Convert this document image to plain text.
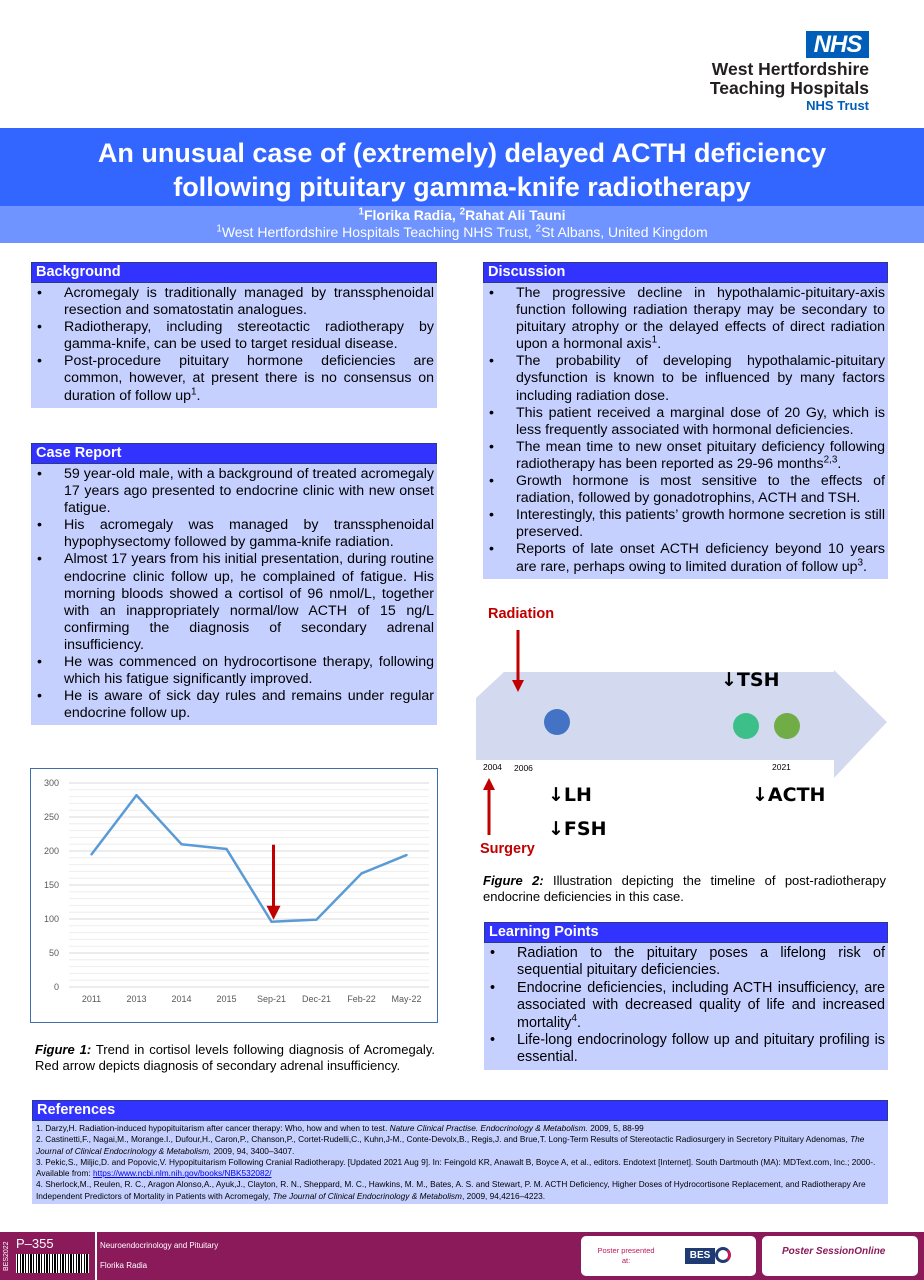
NHS
West Hertfordshire
Teaching Hospitals
NHS Trust
An unusual case of (extremely) delayed ACTH deficiency
following pituitary gamma-knife radiotherapy
$^1$Florika Radia, $^2$Rahat Ali Tauni
$^1$West Hertfordshire Hospitals Teaching NHS Trust, $^2$St Albans, United Kingdom
Background
• Acromegaly is traditionally managed by transsphenoidal resection and somatostatin analogues.
• Radiotherapy, including stereotactic radiotherapy by gamma-knife, can be used to target residual disease.
• Post-procedure pituitary hormone deficiencies are common, however, at present there is no consensus on duration of follow $up^1$.
Case Report
• 59 year-old male, with a background of treated acromegaly 17 years ago presented to endocrine clinic with new onset fatigue.
• His acromegaly was managed by transsphenoidal hypophysectomy followed by gamma-knife radiation.
• Almost 17 years from his initial presentation, during routine endocrine clinic follow up, he complained of fatigue. His morning bloods showed a cortisol of 96 nmol/L, together with an inappropriately normal/low ACTH of 15 ng/L confirming the diagnosis of secondary adrenal insufficiency.
• He was commenced on hydrocortisone therapy, following which his fatigue significantly improved.
• He is aware of sick day rules and remains under regular endocrine follow up.
0
50
100
150
200
250
300
2011	2013	2014	2015 Sep-21 Dec-21 Feb-22 May-22
Figure 1: Trend in cortisol levels following diagnosis of Acromegaly. Red arrow depicts diagnosis of secondary adrenal insufficiency.
Discussion
• The progressive decline in hypothalamic-pituitary-axis function following radiation therapy may be secondary to pituitary atrophy or the delayed effects of direct radiation upon a hormonal axis$^1$.
• The probability of developing hypothalamic-pituitary dysfunction is known to be influenced by many factors including radiation dose.
• This patient received a marginal dose of 20 Gy, which is less frequently associated with hormonal deficiencies.
• The mean time to new onset pituitary deficiency following radiotherapy has been reported as 29-96 months$^{2,3}$.
• Growth hormone is most sensitive to the effects of radiation, followed by gonadotrophins, ACTH and TSH.
• Interestingly, this patients’ growth hormone secretion is still preserved.
• Reports of late onset ACTH deficiency beyond 10 years are rare, perhaps owing to limited duration of follow $up^3$.
Radiation
Surgery
2004 2006	2021
↓TSH
↓LH
↓FSH
↓ACTH
Figure 2: Illustration depicting the timeline of post-radiotherapy endocrine deficiencies in this case.
Learning Points
• Radiation to the pituitary poses a lifelong risk of sequential pituitary deficiencies.
• Endocrine deficiencies, including ACTH insufficiency, are associated with decreased quality of life and increased mortality$^4$.
• Life-long endocrinology follow up and pituitary profiling is essential.
References
1. Darzy,H. Radiation-induced hypopituitarism after cancer therapy: Who, how and when to test. Nature Clinical Practise. Endocrinology & Metabolism. 2009, 5, 88-99
2. Castinetti,F., Nagai,M., Morange.I., Dufour,H., Caron,P., Chanson,P., Cortet-Rudelli,C., Kuhn,J-M., Conte-Devolx,B., Regis,J. and Brue,T. Long-Term Results of Stereotactic Radiosurgery in Secretory Pituitary Adenomas, The Journal of Clinical Endocrinology & Metabolism, 2009, 94, 3400–3407.
3. Pekic,S., Miljic,D. and Popovic,V. Hypopituitarism Following Cranial Radiotherapy. [Updated 2021 Aug 9]. In: Feingold KR, Anawalt B, Boyce A, et al., editors. Endotext [Internet]. South Dartmouth (MA): MDText.com, Inc.; 2000-. Available from: https://www.ncbi.nlm.nih.gov/books/NBK532082/
4. Sherlock,M., Reulen, R. C., Aragon Alonso,A., Ayuk,J., Clayton, R. N., Sheppard, M. C., Hawkins, M. M., Bates, A. S. and Stewart, P. M. ACTH Deficiency, Higher Doses of Hydrocortisone Replacement, and Radiotherapy Are Independent Predictors of Mortality in Patients with Acromegaly, The Journal of Clinical Endocrinology & Metabolism, 2009, 94,4216–4223.
BES2022 P–355	Neuroendocrinology and Pituitary
Florika Radia
Poster presented at:	BES	Poster SessionOnline
